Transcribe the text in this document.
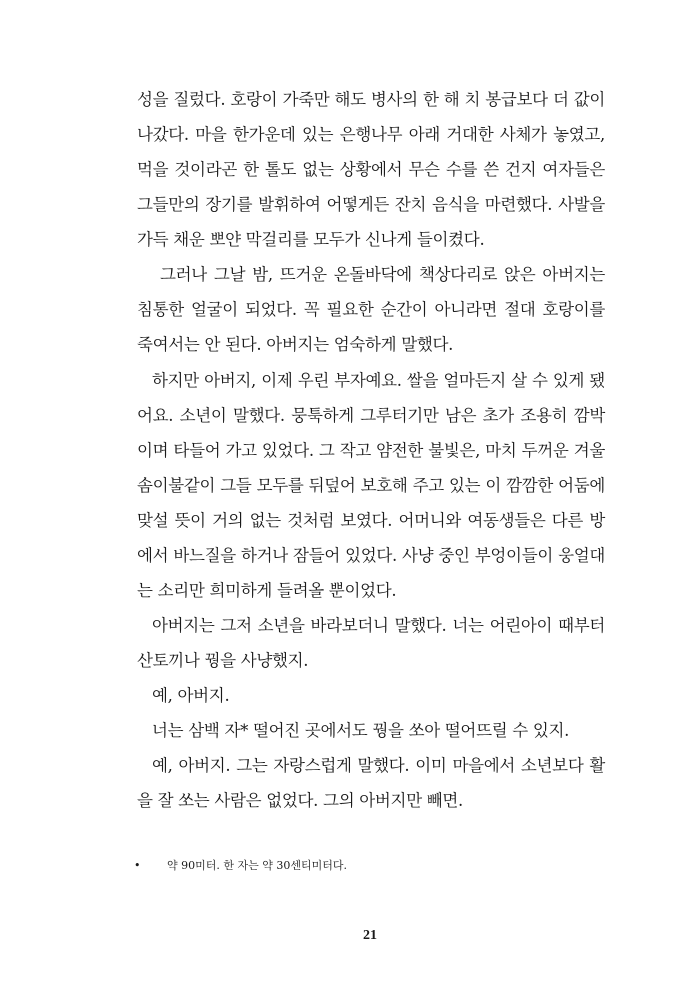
성을 질렀다. 호랑이 가죽만 해도 병사의 한 해 치 봉급보다 더 값이
나갔다. 마을 한가운데 있는 은행나무 아래 거대한 사체가 놓였고,
먹을 것이라곤 한 톨도 없는 상황에서 무슨 수를 쓴 건지 여자들은
그들만의 장기를 발휘하여 어떻게든 잔치 음식을 마련했다. 사발을
가득 채운 뽀얀 막걸리를 모두가 신나게 들이켰다.
그러나 그날 밤, 뜨거운 온돌바닥에 책상다리로 앉은 아버지는
침통한 얼굴이 되었다. 꼭 필요한 순간이 아니라면 절대 호랑이를
죽여서는 안 된다. 아버지는 엄숙하게 말했다.
하지만 아버지, 이제 우린 부자예요. 쌀을 얼마든지 살 수 있게 됐
어요. 소년이 말했다. 뭉툭하게 그루터기만 남은 초가 조용히 깜박
이며 타들어 가고 있었다. 그 작고 얌전한 불빛은, 마치 두꺼운 겨울
솜이불같이 그들 모두를 뒤덮어 보호해 주고 있는 이 깜깜한 어둠에
맞설 뜻이 거의 없는 것처럼 보였다. 어머니와 여동생들은 다른 방
에서 바느질을 하거나 잠들어 있었다. 사냥 중인 부엉이들이 웅얼대
는 소리만 희미하게 들려올 뿐이었다.
아버지는 그저 소년을 바라보더니 말했다. 너는 어린아이 때부터
산토끼나 꿩을 사냥했지.
예, 아버지.
너는 삼백 자* 떨어진 곳에서도 꿩을 쏘아 떨어뜨릴 수 있지.
예, 아버지. 그는 자랑스럽게 말했다. 이미 마을에서 소년보다 활
을 잘 쏘는 사람은 없었다. 그의 아버지만 빼면.
• 약 90미터. 한 자는 약 30센티미터다.
21
